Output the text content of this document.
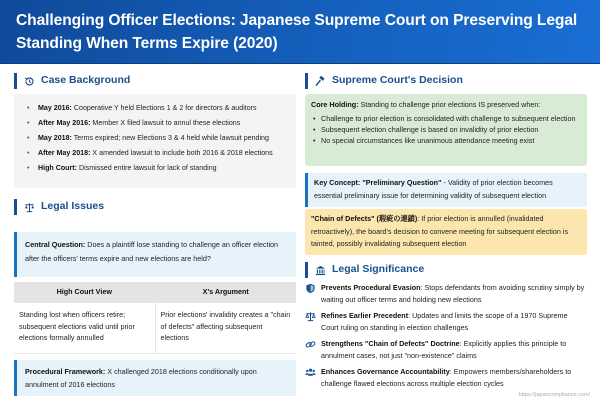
Challenging Officer Elections: Japanese Supreme Court on Preserving Legal Standing When Terms Expire (2020)
Case Background
• May 2016: Cooperative Y held Elections 1 & 2 for directors & auditors
• After May 2016: Member X filed lawsuit to annul these elections
• May 2018: Terms expired; new Elections 3 & 4 held while lawsuit pending
• After May 2018: X amended lawsuit to include both 2016 & 2018 elections
• High Court: Dismissed entire lawsuit for lack of standing
Legal Issues
Central Question: Does a plaintiff lose standing to challenge an officer election after the officers' terms expire and new elections are held?
High Court View	X's Argument
Standing lost when officers retire; subsequent elections valid until prior elections formally annulled	Prior elections' invalidity creates a "chain of defects" affecting subsequent elections
Procedural Framework: X challenged 2018 elections conditionally upon annulment of 2016 elections
Supreme Court's Decision
Core Holding: Standing to challenge prior elections IS preserved when:
• Challenge to prior election is consolidated with challenge to subsequent election
• Subsequent election challenge is based on invalidity of prior election
• No special circumstances like unanimous attendance meeting exist
Key Concept: "Preliminary Question" - Validity of prior election becomes essential preliminary issue for determining validity of subsequent election
"Chain of Defects" (瑕疵の連鎖): If prior election is annulled (invalidated retroactively), the board's decision to convene meeting for subsequent election is tainted, possibly invalidating subsequent election
Legal Significance
Prevents Procedural Evasion: Stops defendants from avoiding scrutiny simply by waiting out officer terms and holding new elections
Refines Earlier Precedent: Updates and limits the scope of a 1970 Supreme Court ruling on standing in election challenges
Strengthens "Chain of Defects" Doctrine: Explicitly applies this principle to annulment cases, not just "non-existence" claims
Enhances Governance Accountability: Empowers members/shareholders to challenge flawed elections across multiple election cycles
https://japancompliance.com/
